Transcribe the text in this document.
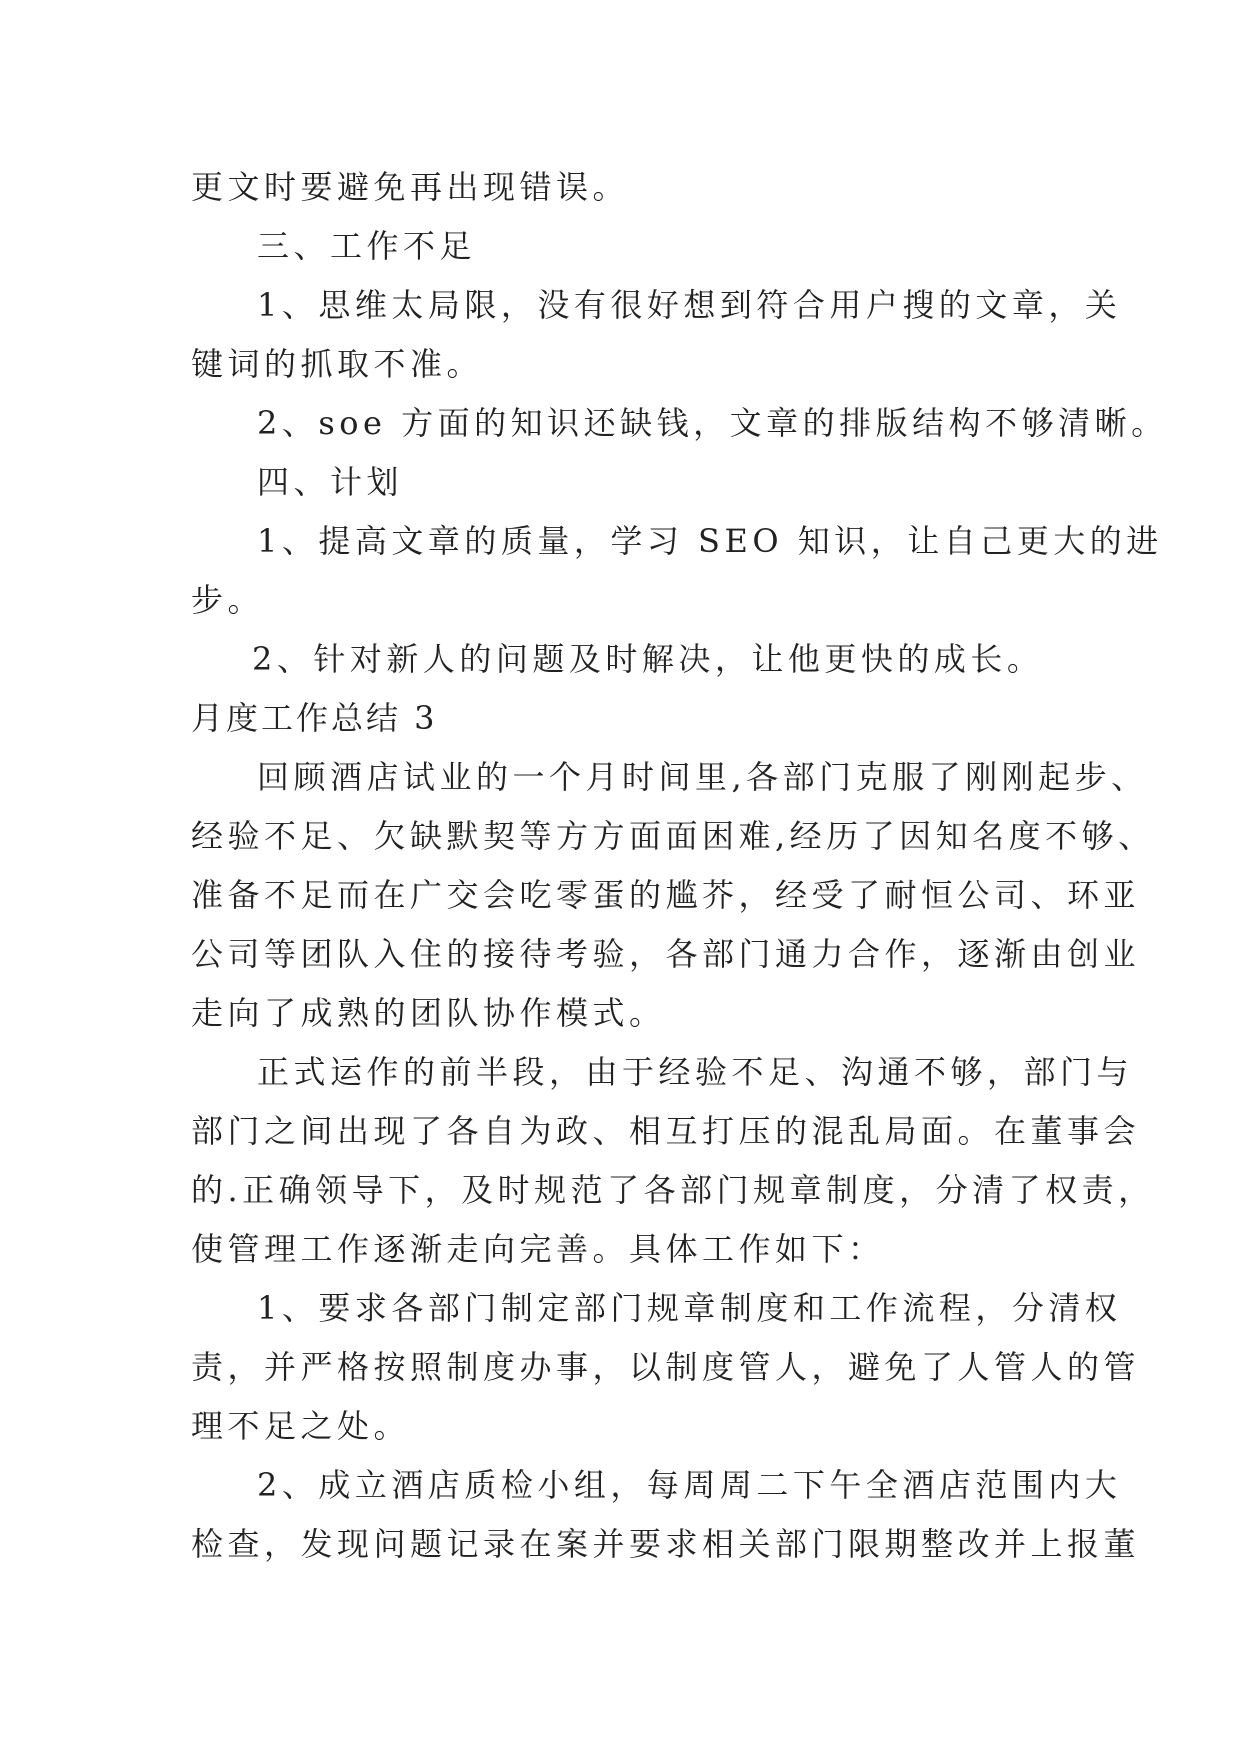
更文时要避免再出现错误。
三、工作不足
1、思维太局限，没有很好想到符合用户搜的文章，关
键词的抓取不准。
2、soe 方面的知识还缺钱，文章的排版结构不够清晰。
四、计划
1、提高文章的质量，学习 SEO 知识，让自己更大的进
步。
2、针对新人的问题及时解决，让他更快的成长。
月度工作总结 3
回顾酒店试业的一个月时间里,各部门克服了刚刚起步、
经验不足、欠缺默契等方方面面困难,经历了因知名度不够、
准备不足而在广交会吃零蛋的尴芥，经受了耐恒公司、环亚
公司等团队入住的接待考验，各部门通力合作，逐渐由创业
走向了成熟的团队协作模式。
正式运作的前半段，由于经验不足、沟通不够，部门与
部门之间出现了各自为政、相互打压的混乱局面。在董事会
的.正确领导下，及时规范了各部门规章制度，分清了权责，
使管理工作逐渐走向完善。具体工作如下：
1、要求各部门制定部门规章制度和工作流程，分清权
责，并严格按照制度办事，以制度管人，避免了人管人的管
理不足之处。
2、成立酒店质检小组，每周周二下午全酒店范围内大
检查，发现问题记录在案并要求相关部门限期整改并上报董
